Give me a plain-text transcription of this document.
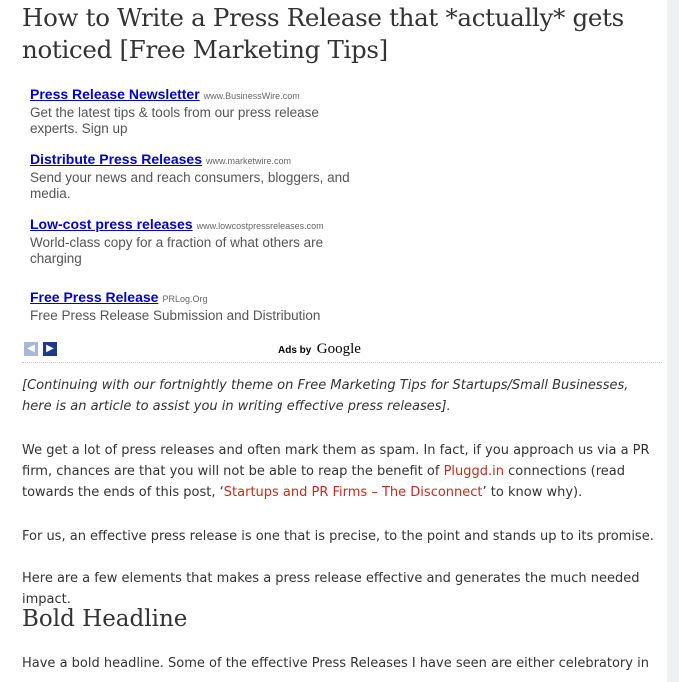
How to Write a Press Release that *actually* gets noticed [Free Marketing Tips]
Press Release Newsletter www.BusinessWire.com
Get the latest tips & tools from our press release experts. Sign up
Distribute Press Releases www.marketwire.com
Send your news and reach consumers, bloggers, and media.
Low-cost press releases www.lowcostpressreleases.com
World-class copy for a fraction of what others are charging
Free Press Release PRLog.Org
Free Press Release Submission and Distribution
◀	▶	Ads by Google

[Continuing with our fortnightly theme on Free Marketing Tips for Startups/Small Businesses, here is an article to assist you in writing effective press releases].

We get a lot of press releases and often mark them as spam. In fact, if you approach us via a PR firm, chances are that you will not be able to reap the benefit of Pluggd.in connections (read towards the ends of this post, ‘Startups and PR Firms – The Disconnect’ to know why).

For us, an effective press release is one that is precise, to the point and stands up to its promise.

Here are a few elements that makes a press release effective and generates the much needed impact.

Bold Headline

Have a bold headline. Some of the effective Press Releases I have seen are either celebratory in
